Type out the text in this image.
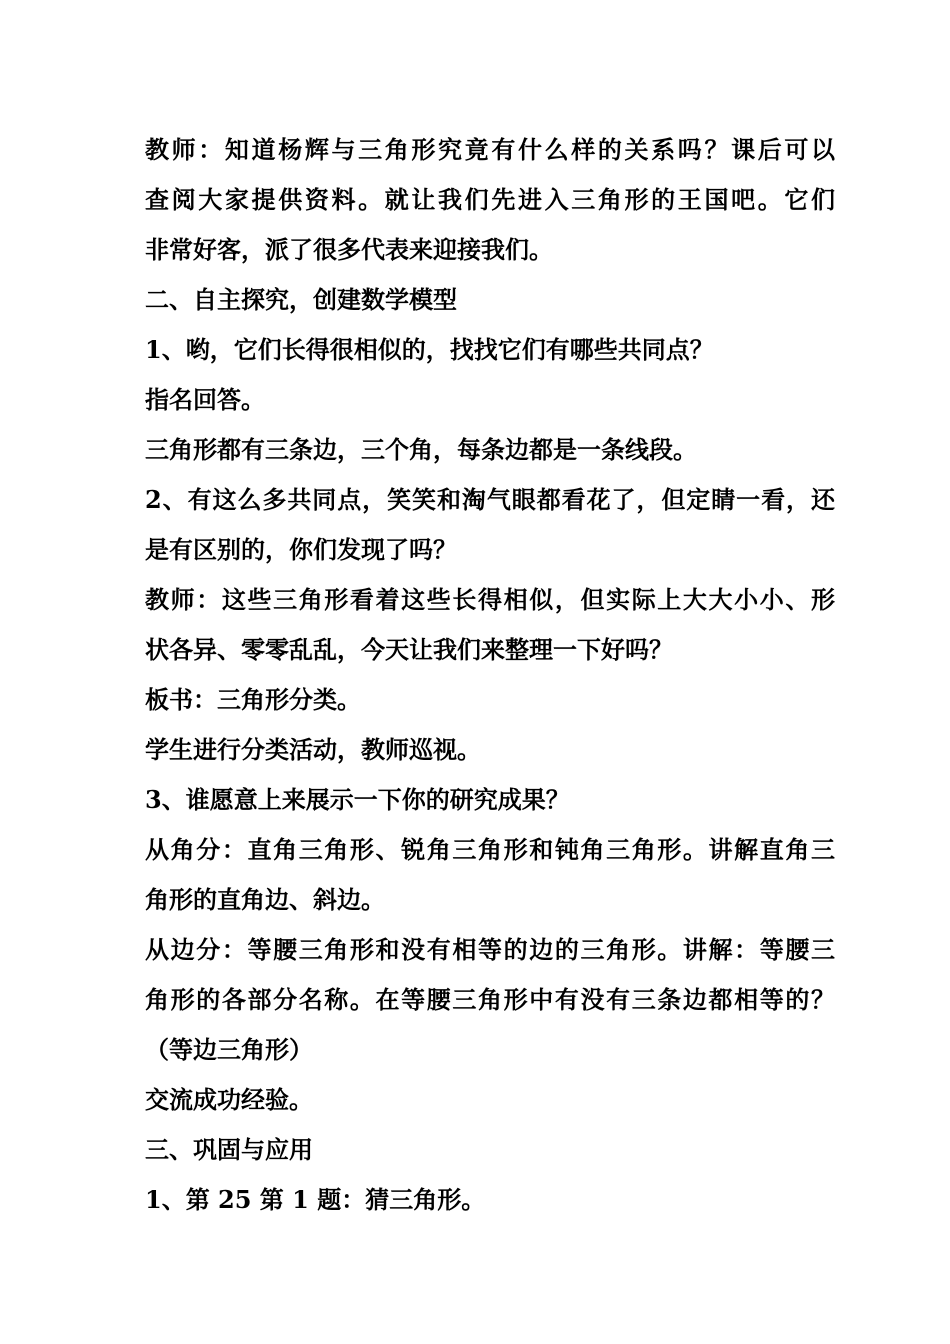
教师：知道杨辉与三角形究竟有什么样的关系吗？课后可以
查阅大家提供资料。就让我们先进入三角形的王国吧。它们
非常好客，派了很多代表来迎接我们。
二、自主探究，创建数学模型
1、哟，它们长得很相似的，找找它们有哪些共同点？
指名回答。
三角形都有三条边，三个角，每条边都是一条线段。
2、有这么多共同点，笑笑和淘气眼都看花了，但定睛一看，还
是有区别的，你们发现了吗？
教师：这些三角形看着这些长得相似，但实际上大大小小、形
状各异、零零乱乱，今天让我们来整理一下好吗？
板书：三角形分类。
学生进行分类活动，教师巡视。
3、谁愿意上来展示一下你的研究成果？
从角分：直角三角形、锐角三角形和钝角三角形。讲解直角三
角形的直角边、斜边。
从边分：等腰三角形和没有相等的边的三角形。讲解：等腰三
角形的各部分名称。在等腰三角形中有没有三条边都相等的？
（等边三角形）
交流成功经验。
三、巩固与应用
1、第 25 第 1 题：猜三角形。
